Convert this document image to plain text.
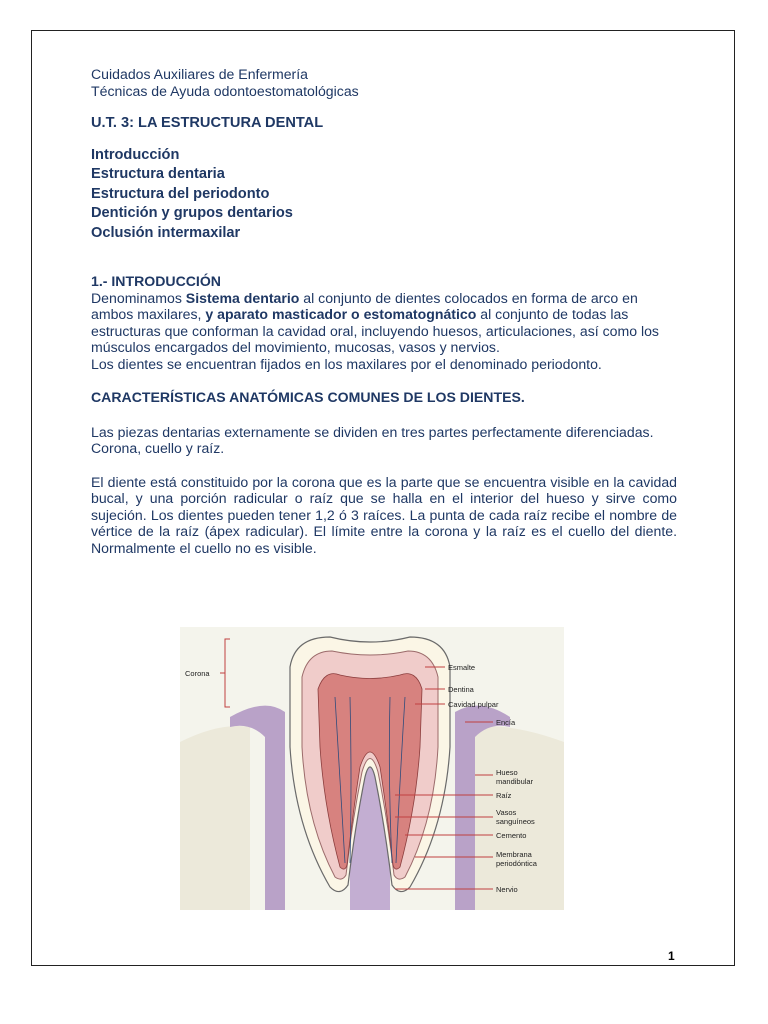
Cuidados Auxiliares de Enfermería
Técnicas de Ayuda odontoestomatológicas
U.T. 3: LA ESTRUCTURA DENTAL
Introducción
Estructura dentaria
Estructura del periodonto
Dentición y grupos dentarios
Oclusión intermaxilar
1.- INTRODUCCIÓN

Denominamos Sistema dentario al conjunto de dientes colocados en forma de arco en ambos maxilares, y aparato masticador o estomatognático al conjunto de todas las estructuras que conforman la cavidad oral, incluyendo huesos, articulaciones, así como los músculos encargados del movimiento, mucosas, vasos y nervios.

Los dientes se encuentran fijados en los maxilares por el denominado periodonto.

CARACTERÍSTICAS ANATÓMICAS COMUNES DE LOS DIENTES.

Las piezas dentarias externamente se dividen en tres partes perfectamente diferenciadas. Corona, cuello y raíz.

El diente está constituido por la corona que es la parte que se encuentra visible en la cavidad bucal, y una porción radicular o raíz que se halla en el interior del hueso y sirve como sujeción. Los dientes pueden tener 1,2 ó 3 raíces. La punta de cada raíz recibe el nombre de vértice de la raíz (ápex radicular). El límite entre la corona y la raíz es el cuello del diente. Normalmente el cuello no es visible.

Corona
Esmalte
Dentina
Cavidad pulpar
Encía
Hueso
mandibular
Raíz
Vasos
sanguíneos
Cemento
Membrana
periodóntica
Nervio
1
